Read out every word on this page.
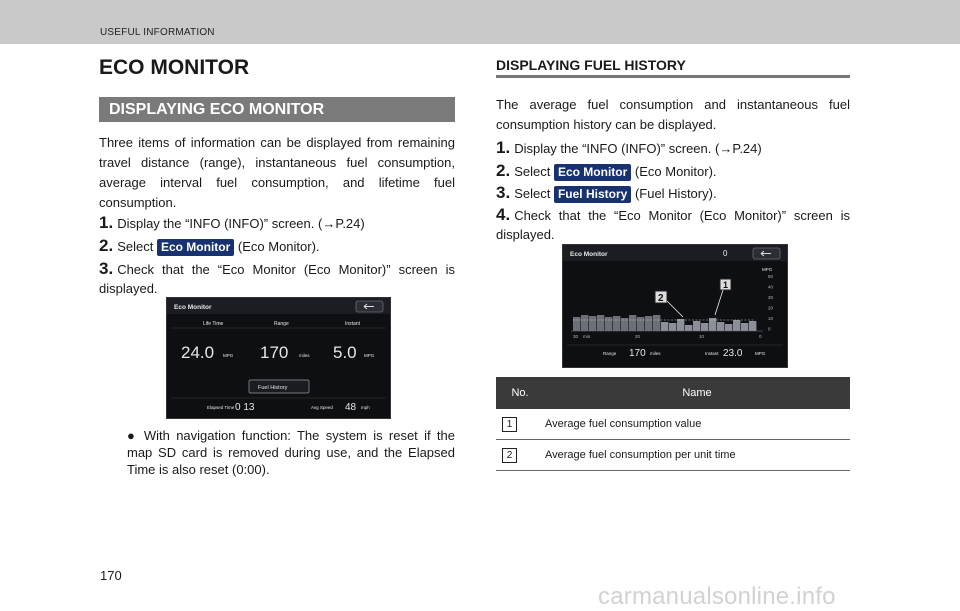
USEFUL INFORMATION
ECO MONITOR
DISPLAYING ECO MONITOR

Three items of information can be displayed from remaining travel distance (range), instantaneous fuel consumption, average interval fuel consumption, and lifetime fuel consumption.

1. Display the “INFO (INFO)” screen. (→P.24)
2. Select Eco Monitor (Eco Monitor).
3. Check that the “Eco Monitor (Eco Monitor)” screen is displayed.
Eco Monitor
Life Time	Range	Instant
24.0	170	5.0
MPG	miles	MPG
Fuel History
Elapsed Time 0 13	Avg Speed 48 mph
● With navigation function: The system is reset if the map SD card is removed during use, and the Elapsed Time is also reset (0:00).
170
DISPLAYING FUEL HISTORY

The average fuel consumption and instantaneous fuel consumption history can be displayed.

1. Display the “INFO (INFO)” screen. (→P.24)
2. Select Eco Monitor (Eco Monitor).
3. Select Fuel History (Fuel History).
4. Check that the “Eco Monitor (Eco Monitor)” screen is displayed.
Eco Monitor	0
MPG
50
40
30
20
10
0
30 min.	20	10	0
2
1
Range 170 miles	Instant 23.0	MPG
No.	Name
1	Average fuel consumption value
2	Average fuel consumption per unit time
carmanualsonline.info
